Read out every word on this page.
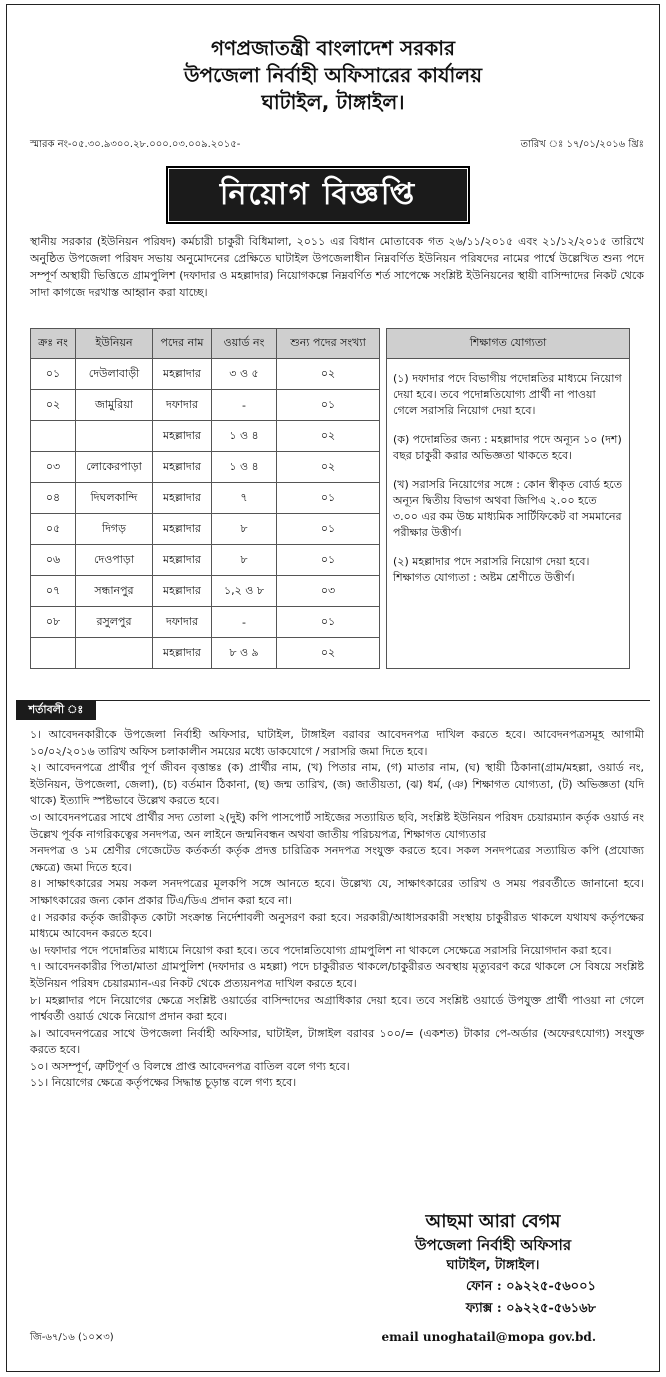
গণপ্রজাতন্ত্রী বাংলাদেশ সরকার
উপজেলা নির্বাহী অফিসারের কার্যালয়
ঘাটাইল, টাঙ্গাইল।
স্মারক নং-০৫.৩০.৯৩০০.২৮.০০০.০৩.০০৯.২০১৫-	তারিখ ঃ ১৭/০১/২০১৬ খ্রিঃ
নিয়োগ বিজ্ঞপ্তি
স্থানীয় সরকার (ইউনিয়ন পরিষদ) কর্মচারী চাকুরী বিধিমালা, ২০১১ এর বিধান মোতাবেক গত ২৬/১১/২০১৫ এবং ২১/১২/২০১৫ তারিখে অনুষ্ঠিত উপজেলা পরিষদ সভায় অনুমোদনের প্রেক্ষিতে ঘাটাইল উপজেলাধীন নিম্নবর্ণিত ইউনিয়ন পরিষদের নামের পার্শ্বে উল্লেখিত শুন্য পদে সম্পূর্ণ অস্থায়ী ভিত্তিতে গ্রামপুলিশ (দফাদার ও মহল্লাদার) নিয়োগকল্পে নিম্নবর্ণিত শর্ত সাপেক্ষে সংশ্লিষ্ট ইউনিয়নের স্থায়ী বাসিন্দাদের নিকট থেকে সাদা কাগজে দরখাস্ত আহ্বান করা যাচ্ছে।
ক্রঃ নং	ইউনিয়ন	পদের নাম	ওয়ার্ড নং	শুন্য পদের সংখ্যা		শিক্ষাগত যোগ্যতা
০১	দেউলাবাড়ী	মহল্লাদার	৩ ও ৫	০২		(১) দফাদার পদে বিভাগীয় পদোন্নতির মাধ্যমে নিয়োগ দেয়া হবে। তবে পদোন্নতিযোগ্য প্রার্থী না পাওয়া গেলে সরাসরি নিয়োগ দেয়া হবে।

(ক) পদোন্নতির জন্য : মহল্লাদার পদে অন্যূন ১০ (দশ) বছর চাকুরী করার অভিজ্ঞতা থাকতে হবে।

(খ) সরাসরি নিয়োগের সঙ্গে : কোন স্বীকৃত বোর্ড হতে অন্যূন দ্বিতীয় বিভাগ অথবা জিপিএ ২.০০ হতে ৩.০০ এর কম উচ্চ মাধ্যমিক সার্টিফিকেট বা সমমানের পরীক্ষার উত্তীর্ণ।

(২) মহল্লাদার পদে সরাসরি নিয়োগ দেয়া হবে। শিক্ষাগত যোগ্যতা : অষ্টম শ্রেণীতে উত্তীর্ণ।

০২	জামুরিয়া	দফাদার	-	০১		
		মহল্লাদার	১ ও ৪	০২		
০৩	লোকেরপাড়া	মহল্লাদার	১ ও ৪	০২		
০৪	দিঘলকান্দি	মহল্লাদার	৭	০১		
০৫	দিগড়	মহল্লাদার	৮	০১		
০৬	দেওপাড়া	মহল্লাদার	৮	০১		
০৭	সন্ধানপুর	মহল্লাদার	১,২ ও ৮	০৩		
০৮	রসুলপুর	দফাদার	-	০১		
		মহল্লাদার	৮ ও ৯	০২		
শর্তাবলী ঃ
১। আবেদনকারীকে উপজেলা নির্বাহী অফিসার, ঘাটাইল, টাঙ্গাইল বরাবর আবেদনপত্র দাখিল করতে হবে। আবেদনপত্রসমূহ আগামী ১০/০২/২০১৬ তারিখ অফিস চলাকালীন সময়ের মধ্যে ডাকযোগে / সরাসরি জমা দিতে হবে।
২। আবেদনপত্রে প্রার্থীর পূর্ণ জীবন বৃত্তান্তঃ (ক) প্রার্থীর নাম, (খ) পিতার নাম, (গ) মাতার নাম, (ঘ) স্থায়ী ঠিকানা(গ্রাম/মহল্লা, ওয়ার্ড নং, ইউনিয়ন, উপজেলা, জেলা), (চ) বর্তমান ঠিকানা, (ছ) জন্ম তারিখ, (জ) জাতীয়তা, (ঝ) ধর্ম, (ঞ) শিক্ষাগত যোগ্যতা, (ট) অভিজ্ঞতা (যদি থাকে) ইত্যাদি স্পষ্টভাবে উল্লেখ করতে হবে।
৩। আবেদনপত্রের সাথে প্রার্থীর সদ্য তোলা ২(দুই) কপি পাসপোর্ট সাইজের সত্যায়িত ছবি, সংশ্লিষ্ট ইউনিয়ন পরিষদ চেয়ারম্যান কর্তৃক ওয়ার্ড নং উল্লেখ পূর্বক নাগরিকত্বের সনদপত্র, অন লাইনে জন্মনিবন্ধন অথবা জাতীয় পরিচয়পত্র, শিক্ষাগত যোগ্যতার
সনদপত্র ও ১ম শ্রেণীর গেজেটেড কর্তকর্তা কর্তৃক প্রদত্ত চারিত্রিক সনদপত্র সংযুক্ত করতে হবে। সকল সনদপত্রের সত্যায়িত কপি (প্রযোজ্য ক্ষেত্রে) জমা দিতে হবে।
৪। সাক্ষাৎকারের সময় সকল সনদপত্রের মূলকপি সঙ্গে আনতে হবে। উল্লেখ্য যে, সাক্ষাৎকারের তারিখ ও সময় পরবর্তীতে জানানো হবে। সাক্ষাৎকারের জন্য কোন প্রকার টিএ/ডিএ প্রদান করা হবে না।
৫। সরকার কর্তৃক জারীকৃত কোটা সংক্রান্ত নির্দেশাবলী অনুসরণ করা হবে। সরকারী/আধাসরকারী সংস্থায় চাকুরীরত থাকলে যথাযথ কর্তৃপক্ষের মাধ্যমে আবেদন করতে হবে।
৬। দফাদার পদে পদোন্নতির মাধ্যমে নিয়োগ করা হবে। তবে পদোন্নতিযোগ্য গ্রামপুলিশ না থাকলে সেক্ষেত্রে সরাসরি নিয়োগদান করা হবে।
৭। আবেদনকারীর পিতা/মাতা গ্রামপুলিশ (দফাদার ও মহল্লা) পদে চাকুরীরত থাকলে/চাকুরীরত অবস্থায় মৃত্যুবরণ করে থাকলে সে বিষয়ে সংশ্লিষ্ট ইউনিয়ন পরিষদ চেয়ারম্যান-এর নিকট থেকে প্রত্যয়নপত্র দাখিল করতে হবে।
৮। মহল্লাদার পদে নিয়োগের ক্ষেত্রে সংশ্লিষ্ট ওয়ার্ডের বাসিন্দাদের অগ্রাধিকার দেয়া হবে। তবে সংশ্লিষ্ট ওয়ার্ডে উপযুক্ত প্রার্থী পাওয়া না গেলে পার্শ্ববর্তী ওয়ার্ড থেকে নিয়োগ প্রদান করা হবে।
৯। আবেদনপত্রের সাথে উপজেলা নির্বাহী অফিসার, ঘাটাইল, টাঙ্গাইল বরাবর ১০০/= (একশত) টাকার পে-অর্ডার (অফেরৎযোগ্য) সংযুক্ত করতে হবে।
১০। অসম্পূর্ণ, ত্রুটিপূর্ণ ও বিলম্বে প্রাপ্ত আবেদনপত্র বাতিল বলে গণ্য হবে।
১১। নিয়োগের ক্ষেত্রে কর্তৃপক্ষের সিদ্ধান্ত চূড়ান্ত বলে গণ্য হবে।
আছমা আরা বেগম
উপজেলা নির্বাহী অফিসার
ঘাটাইল, টাঙ্গাইল।
ফোন : ০৯২২৫-৫৬০০১
ফ্যাক্স : ০৯২২৫-৫৬১৬৮
email unoghatail@mopa gov.bd.
জি-৬৭/১৬ (১০×৩)
